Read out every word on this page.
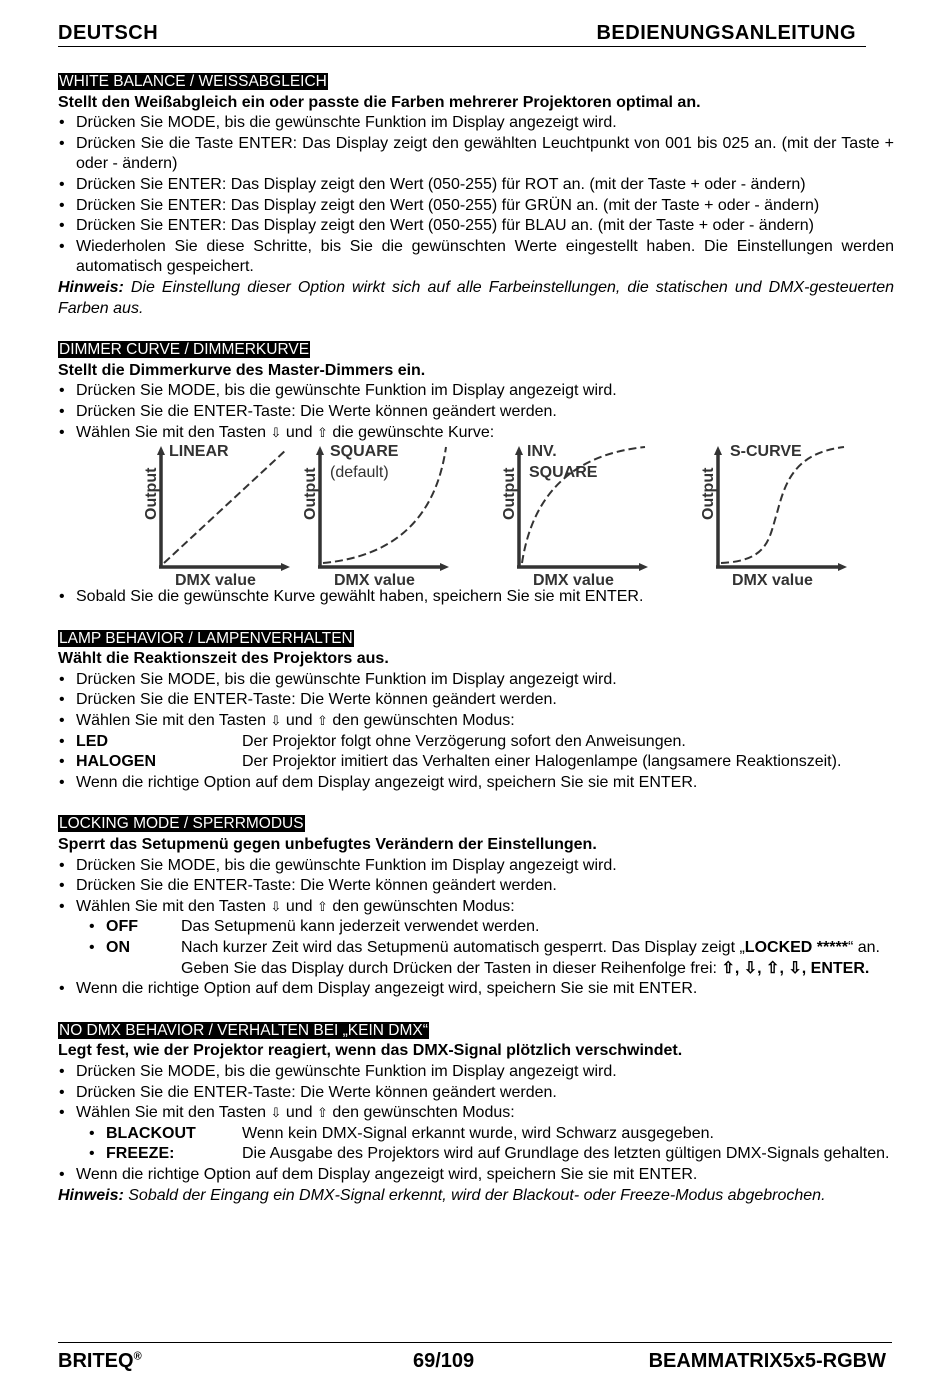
DEUTSCH	BEDIENUNGSANLEITUNG
WHITE BALANCE / WEISSABGLEICH
Stellt den Weißabgleich ein oder passte die Farben mehrerer Projektoren optimal an.
• Drücken Sie MODE, bis die gewünschte Funktion im Display angezeigt wird.
• Drücken Sie die Taste ENTER: Das Display zeigt den gewählten Leuchtpunkt von 001 bis 025 an. (mit der Taste + oder - ändern)
• Drücken Sie ENTER: Das Display zeigt den Wert (050-255) für ROT an. (mit der Taste + oder - ändern)
• Drücken Sie ENTER: Das Display zeigt den Wert (050-255) für GRÜN an. (mit der Taste + oder - ändern)
• Drücken Sie ENTER: Das Display zeigt den Wert (050-255) für BLAU an. (mit der Taste + oder - ändern)
• Wiederholen Sie diese Schritte, bis Sie die gewünschten Werte eingestellt haben. Die Einstellungen werden automatisch gespeichert.
Hinweis: Die Einstellung dieser Option wirkt sich auf alle Farbeinstellungen, die statischen und DMX-gesteuerten Farben aus.
DIMMER CURVE / DIMMERKURVE
Stellt die Dimmerkurve des Master-Dimmers ein.
• Drücken Sie MODE, bis die gewünschte Funktion im Display angezeigt wird.
• Drücken Sie die ENTER-Taste: Die Werte können geändert werden.
• Wählen Sie mit den Tasten ⇩ und ⇧ die gewünschte Kurve:
LINEAR
DMX value
Output
SQUARE
(default)
DMX value
Output
INV.
SQUARE
DMX value
Output
S-CURVE
DMX value
Output
• Sobald Sie die gewünschte Kurve gewählt haben, speichern Sie sie mit ENTER.
LAMP BEHAVIOR / LAMPENVERHALTEN
Wählt die Reaktionszeit des Projektors aus.
• Drücken Sie MODE, bis die gewünschte Funktion im Display angezeigt wird.
• Drücken Sie die ENTER-Taste: Die Werte können geändert werden.
• Wählen Sie mit den Tasten ⇩ und ⇧ den gewünschten Modus:
• LED	Der Projektor folgt ohne Verzögerung sofort den Anweisungen.
• HALOGEN	Der Projektor imitiert das Verhalten einer Halogenlampe (langsamere Reaktionszeit).
• Wenn die richtige Option auf dem Display angezeigt wird, speichern Sie sie mit ENTER.
LOCKING MODE / SPERRMODUS
Sperrt das Setupmenü gegen unbefugtes Verändern der Einstellungen.
• Drücken Sie MODE, bis die gewünschte Funktion im Display angezeigt wird.
• Drücken Sie die ENTER-Taste: Die Werte können geändert werden.
• Wählen Sie mit den Tasten ⇩ und ⇧ den gewünschten Modus:
• OFF	Das Setupmenü kann jederzeit verwendet werden.
• ON	Nach kurzer Zeit wird das Setupmenü automatisch gesperrt. Das Display zeigt „LOCKED *****“ an.
Geben Sie das Display durch Drücken der Tasten in dieser Reihenfolge frei: ⇧, ⇩, ⇧, ⇩, ENTER.
• Wenn die richtige Option auf dem Display angezeigt wird, speichern Sie sie mit ENTER.
NO DMX BEHAVIOR / VERHALTEN BEI „KEIN DMX“
Legt fest, wie der Projektor reagiert, wenn das DMX-Signal plötzlich verschwindet.
• Drücken Sie MODE, bis die gewünschte Funktion im Display angezeigt wird.
• Drücken Sie die ENTER-Taste: Die Werte können geändert werden.
• Wählen Sie mit den Tasten ⇩ und ⇧ den gewünschten Modus:
• BLACKOUT	Wenn kein DMX-Signal erkannt wurde, wird Schwarz ausgegeben.
• FREEZE:	Die Ausgabe des Projektors wird auf Grundlage des letzten gültigen DMX-Signals gehalten.
• Wenn die richtige Option auf dem Display angezeigt wird, speichern Sie sie mit ENTER.
Hinweis: Sobald der Eingang ein DMX-Signal erkennt, wird der Blackout- oder Freeze-Modus abgebrochen.
BRITEQ®	69/109	BEAMMATRIX5x5-RGBW
